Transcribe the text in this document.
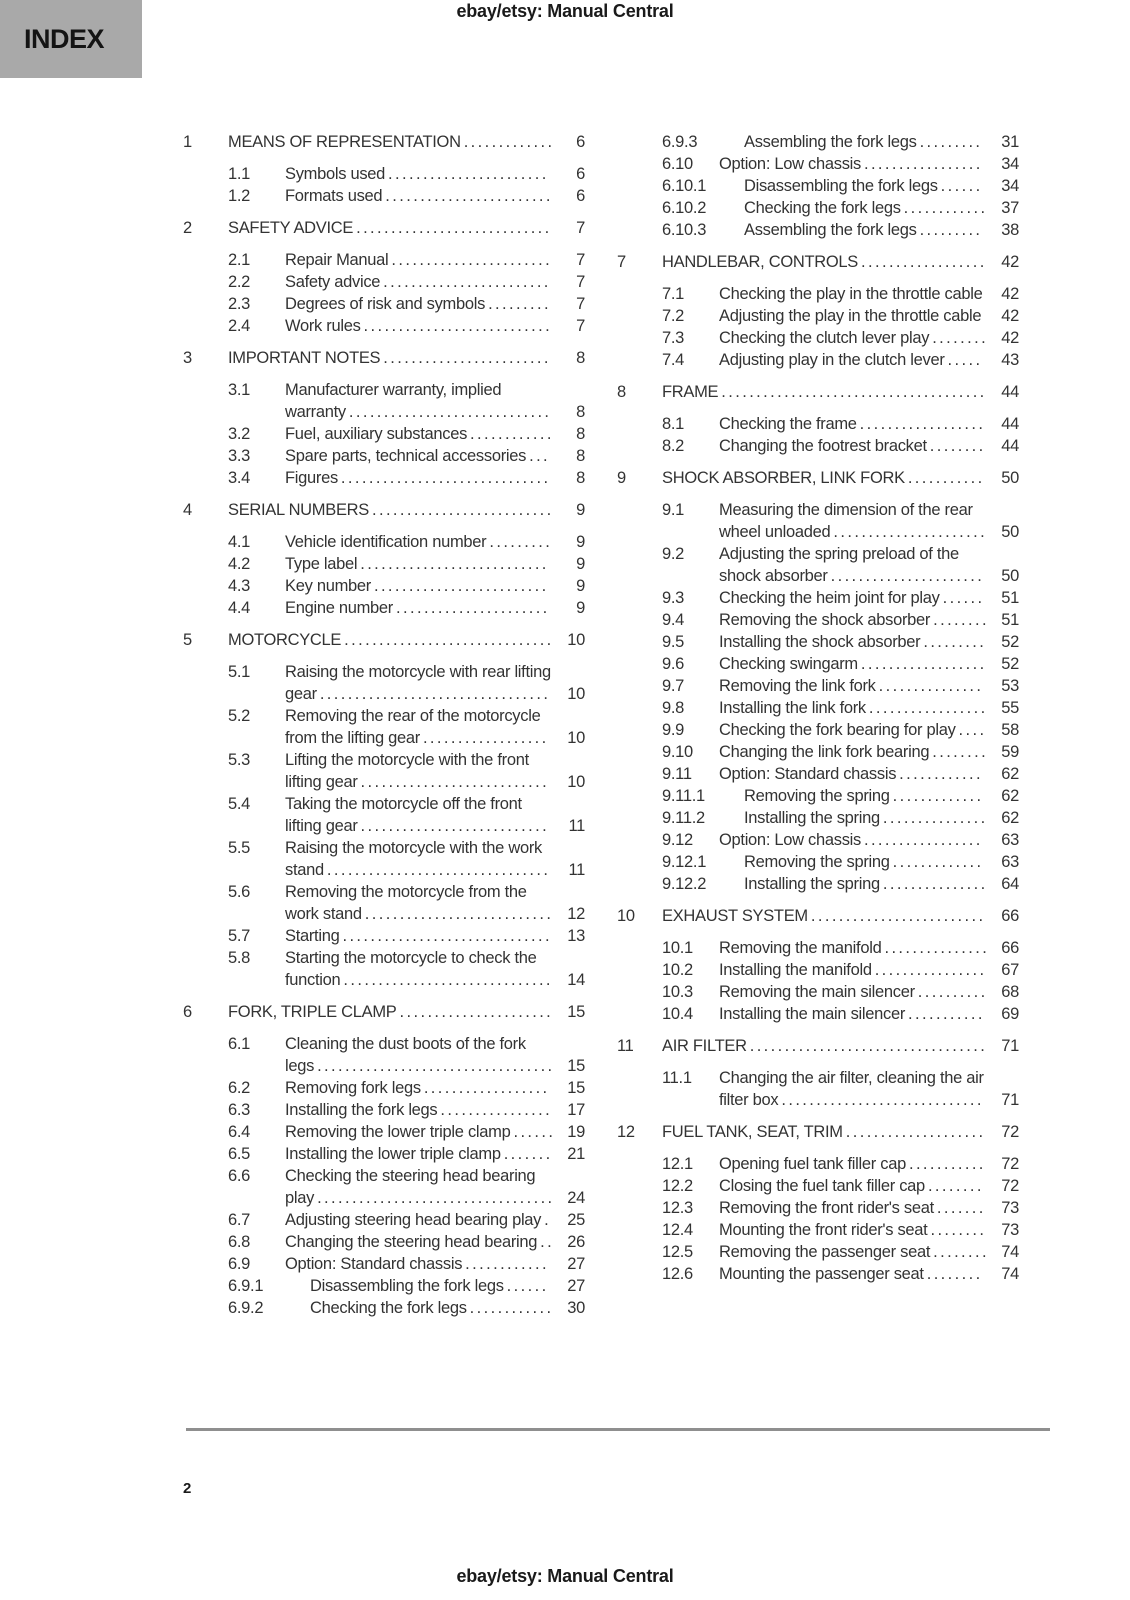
ebay/etsy: Manual Central
INDEX
1 MEANS OF REPRESENTATION ............. 6
1.1 Symbols used ....................... 6
1.2 Formats used ........................ 6
2 SAFETY ADVICE ............................ 7
2.1 Repair Manual ....................... 7
2.2 Safety advice ........................ 7
2.3 Degrees of risk and symbols ......... 7
2.4 Work rules ........................... 7
3 IMPORTANT NOTES ........................ 8
3.1 Manufacturer warranty, implied warranty ............................. 8
3.2 Fuel, auxiliary substances ............ 8
3.3 Spare parts, technical accessories ... 8
3.4 Figures .............................. 8
4 SERIAL NUMBERS .......................... 9
4.1 Vehicle identification number ......... 9
4.2 Type label ........................... 9
4.3 Key number ......................... 9
4.4 Engine number ...................... 9
5 MOTORCYCLE .............................. 10
5.1 Raising the motorcycle with rear lifting gear ................................. 10
5.2 Removing the rear of the motorcycle from the lifting gear .................. 10
5.3 Lifting the motorcycle with the front lifting gear ........................... 10
5.4 Taking the motorcycle off the front lifting gear ........................... 11
5.5 Raising the motorcycle with the work stand ................................ 11
5.6 Removing the motorcycle from the work stand ........................... 12
5.7 Starting .............................. 13
5.8 Starting the motorcycle to check the function .............................. 14
6 FORK, TRIPLE CLAMP ...................... 15
6.1 Cleaning the dust boots of the fork legs .................................. 15
6.2 Removing fork legs .................. 15
6.3 Installing the fork legs ................ 17
6.4 Removing the lower triple clamp ...... 19
6.5 Installing the lower triple clamp ....... 21
6.6 Checking the steering head bearing play .................................. 24
6.7 Adjusting steering head bearing play . 25
6.8 Changing the steering head bearing .. 26
6.9 Option: Standard chassis ............ 27
6.9.1	Disassembling the fork legs ...... 27
6.9.2	Checking the fork legs ............ 30
6.9.3	Assembling the fork legs ......... 31
6.10 Option: Low chassis ................. 34
6.10.1 Disassembling the fork legs ...... 34
6.10.2 Checking the fork legs ............ 37
6.10.3 Assembling the fork legs ......... 38
7 HANDLEBAR, CONTROLS .................. 42
7.1 Checking the play in the throttle cable 42
7.2 Adjusting the play in the throttle cable 42
7.3 Checking the clutch lever play ........ 42
7.4 Adjusting play in the clutch lever ..... 43
8 FRAME ...................................... 44
8.1 Checking the frame .................. 44
8.2 Changing the footrest bracket ........ 44
9 SHOCK ABSORBER, LINK FORK ........... 50
9.1 Measuring the dimension of the rear wheel unloaded ...................... 50
9.2 Adjusting the spring preload of the shock absorber ...................... 50
9.3 Checking the heim joint for play ...... 51
9.4 Removing the shock absorber ........ 51
9.5 Installing the shock absorber ......... 52
9.6 Checking swingarm .................. 52
9.7 Removing the link fork ............... 53
9.8 Installing the link fork ................. 55
9.9 Checking the fork bearing for play .... 58
9.10 Changing the link fork bearing ........ 59
9.11 Option: Standard chassis ............ 62
9.11.1 Removing the spring ............. 62
9.11.2 Installing the spring ............... 62
9.12 Option: Low chassis ................. 63
9.12.1 Removing the spring ............. 63
9.12.2 Installing the spring ............... 64
10 EXHAUST SYSTEM ......................... 66
10.1 Removing the manifold ............... 66
10.2 Installing the manifold ................ 67
10.3 Removing the main silencer .......... 68
10.4 Installing the main silencer ........... 69
11 AIR FILTER .................................. 71
11.1 Changing the air filter, cleaning the air filter box ............................. 71
12 FUEL TANK, SEAT, TRIM .................... 72
12.1 Opening fuel tank filler cap ........... 72
12.2 Closing the fuel tank filler cap ........ 72
12.3 Removing the front rider's seat ....... 73
12.4 Mounting the front rider's seat ........ 73
12.5 Removing the passenger seat ........ 74
12.6 Mounting the passenger seat ........ 74
2
ebay/etsy: Manual Central
